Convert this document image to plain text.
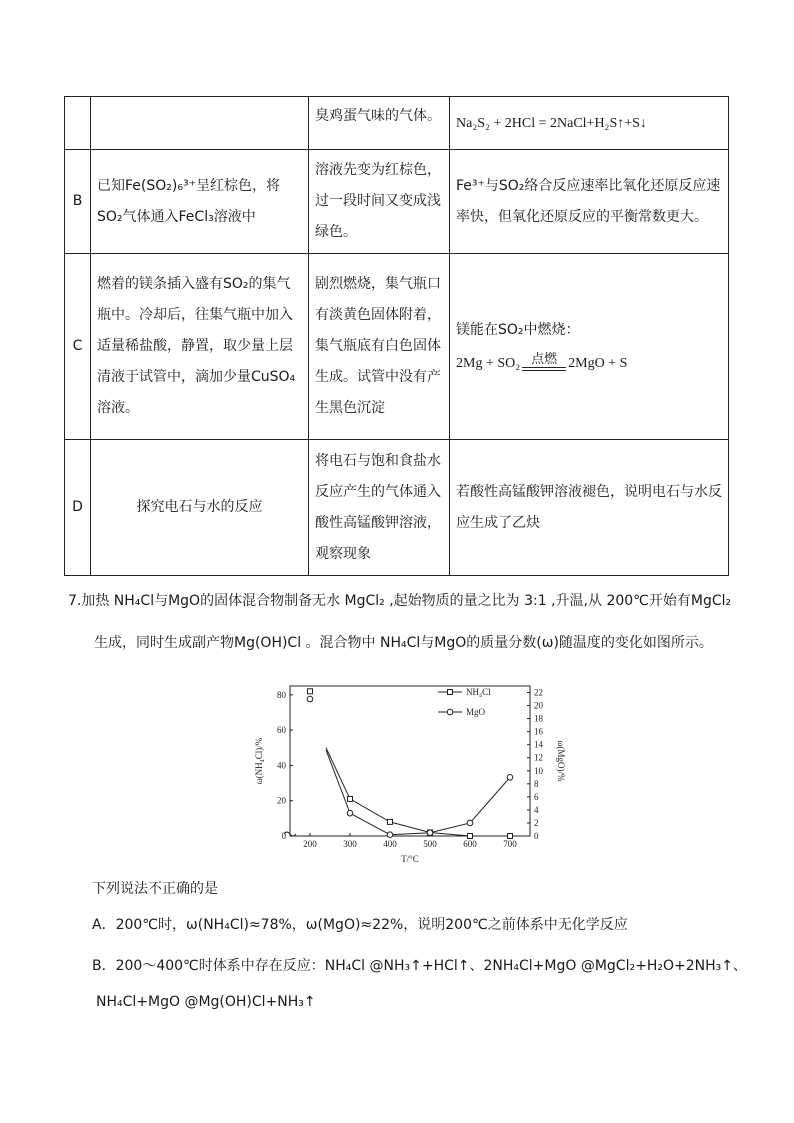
		臭鸡蛋气味的气体。	Na₂S₂ + 2HCl = 2NaCl+H₂S↑+S↓
B	已知Fe(SO₂)₆³⁺呈红棕色，将SO₂气体通入FeCl₃溶液中	溶液先变为红棕色，过一段时间又变成浅绿色。	Fe³⁺与SO₂络合反应速率比氧化还原反应速率快，但氧化还原反应的平衡常数更大。
C	燃着的镁条插入盛有SO₂的集气瓶中。冷却后，往集气瓶中加入适量稀盐酸，静置，取少量上层清液于试管中，滴加少量CuSO₄溶液。	剧烈燃烧，集气瓶口有淡黄色固体附着，集气瓶底有白色固体生成。试管中没有产生黑色沉淀	镁能在SO₂中燃烧：
2Mg + SO₂ 点燃 2MgO + S

D	探究电石与水的反应	将电石与饱和食盐水反应产生的气体通入酸性高锰酸钾溶液，观察现象	若酸性高锰酸钾溶液褪色，说明电石与水反应生成了乙炔
7.加热 NH₄Cl与MgO的固体混合物制备无水 MgCl₂ ,起始物质的量之比为 3:1 ,升温,从 200℃开始有MgCl₂
生成，同时生成副产物Mg(OH)Cl 。混合物中 NH₄Cl与MgO的质量分数(ω)随温度的变化如图所示。
200	300	400	500	600	700
0
20
40
60
80
0
2
4
6
8
10
12
14
16
18
20
22
T/°C
ω(NH₄Cl)/%	ω(MgO)/%
NH₄Cl
MgO
下列说法不正确的是
A．200℃时，ω(NH₄Cl)≈78%，ω(MgO)≈22%，说明200℃之前体系中无化学反应
B．200～400℃时体系中存在反应：NH₄Cl @NH₃↑+HCl↑、2NH₄Cl+MgO @MgCl₂+H₂O+2NH₃↑、
NH₄Cl+MgO @Mg(OH)Cl+NH₃↑
